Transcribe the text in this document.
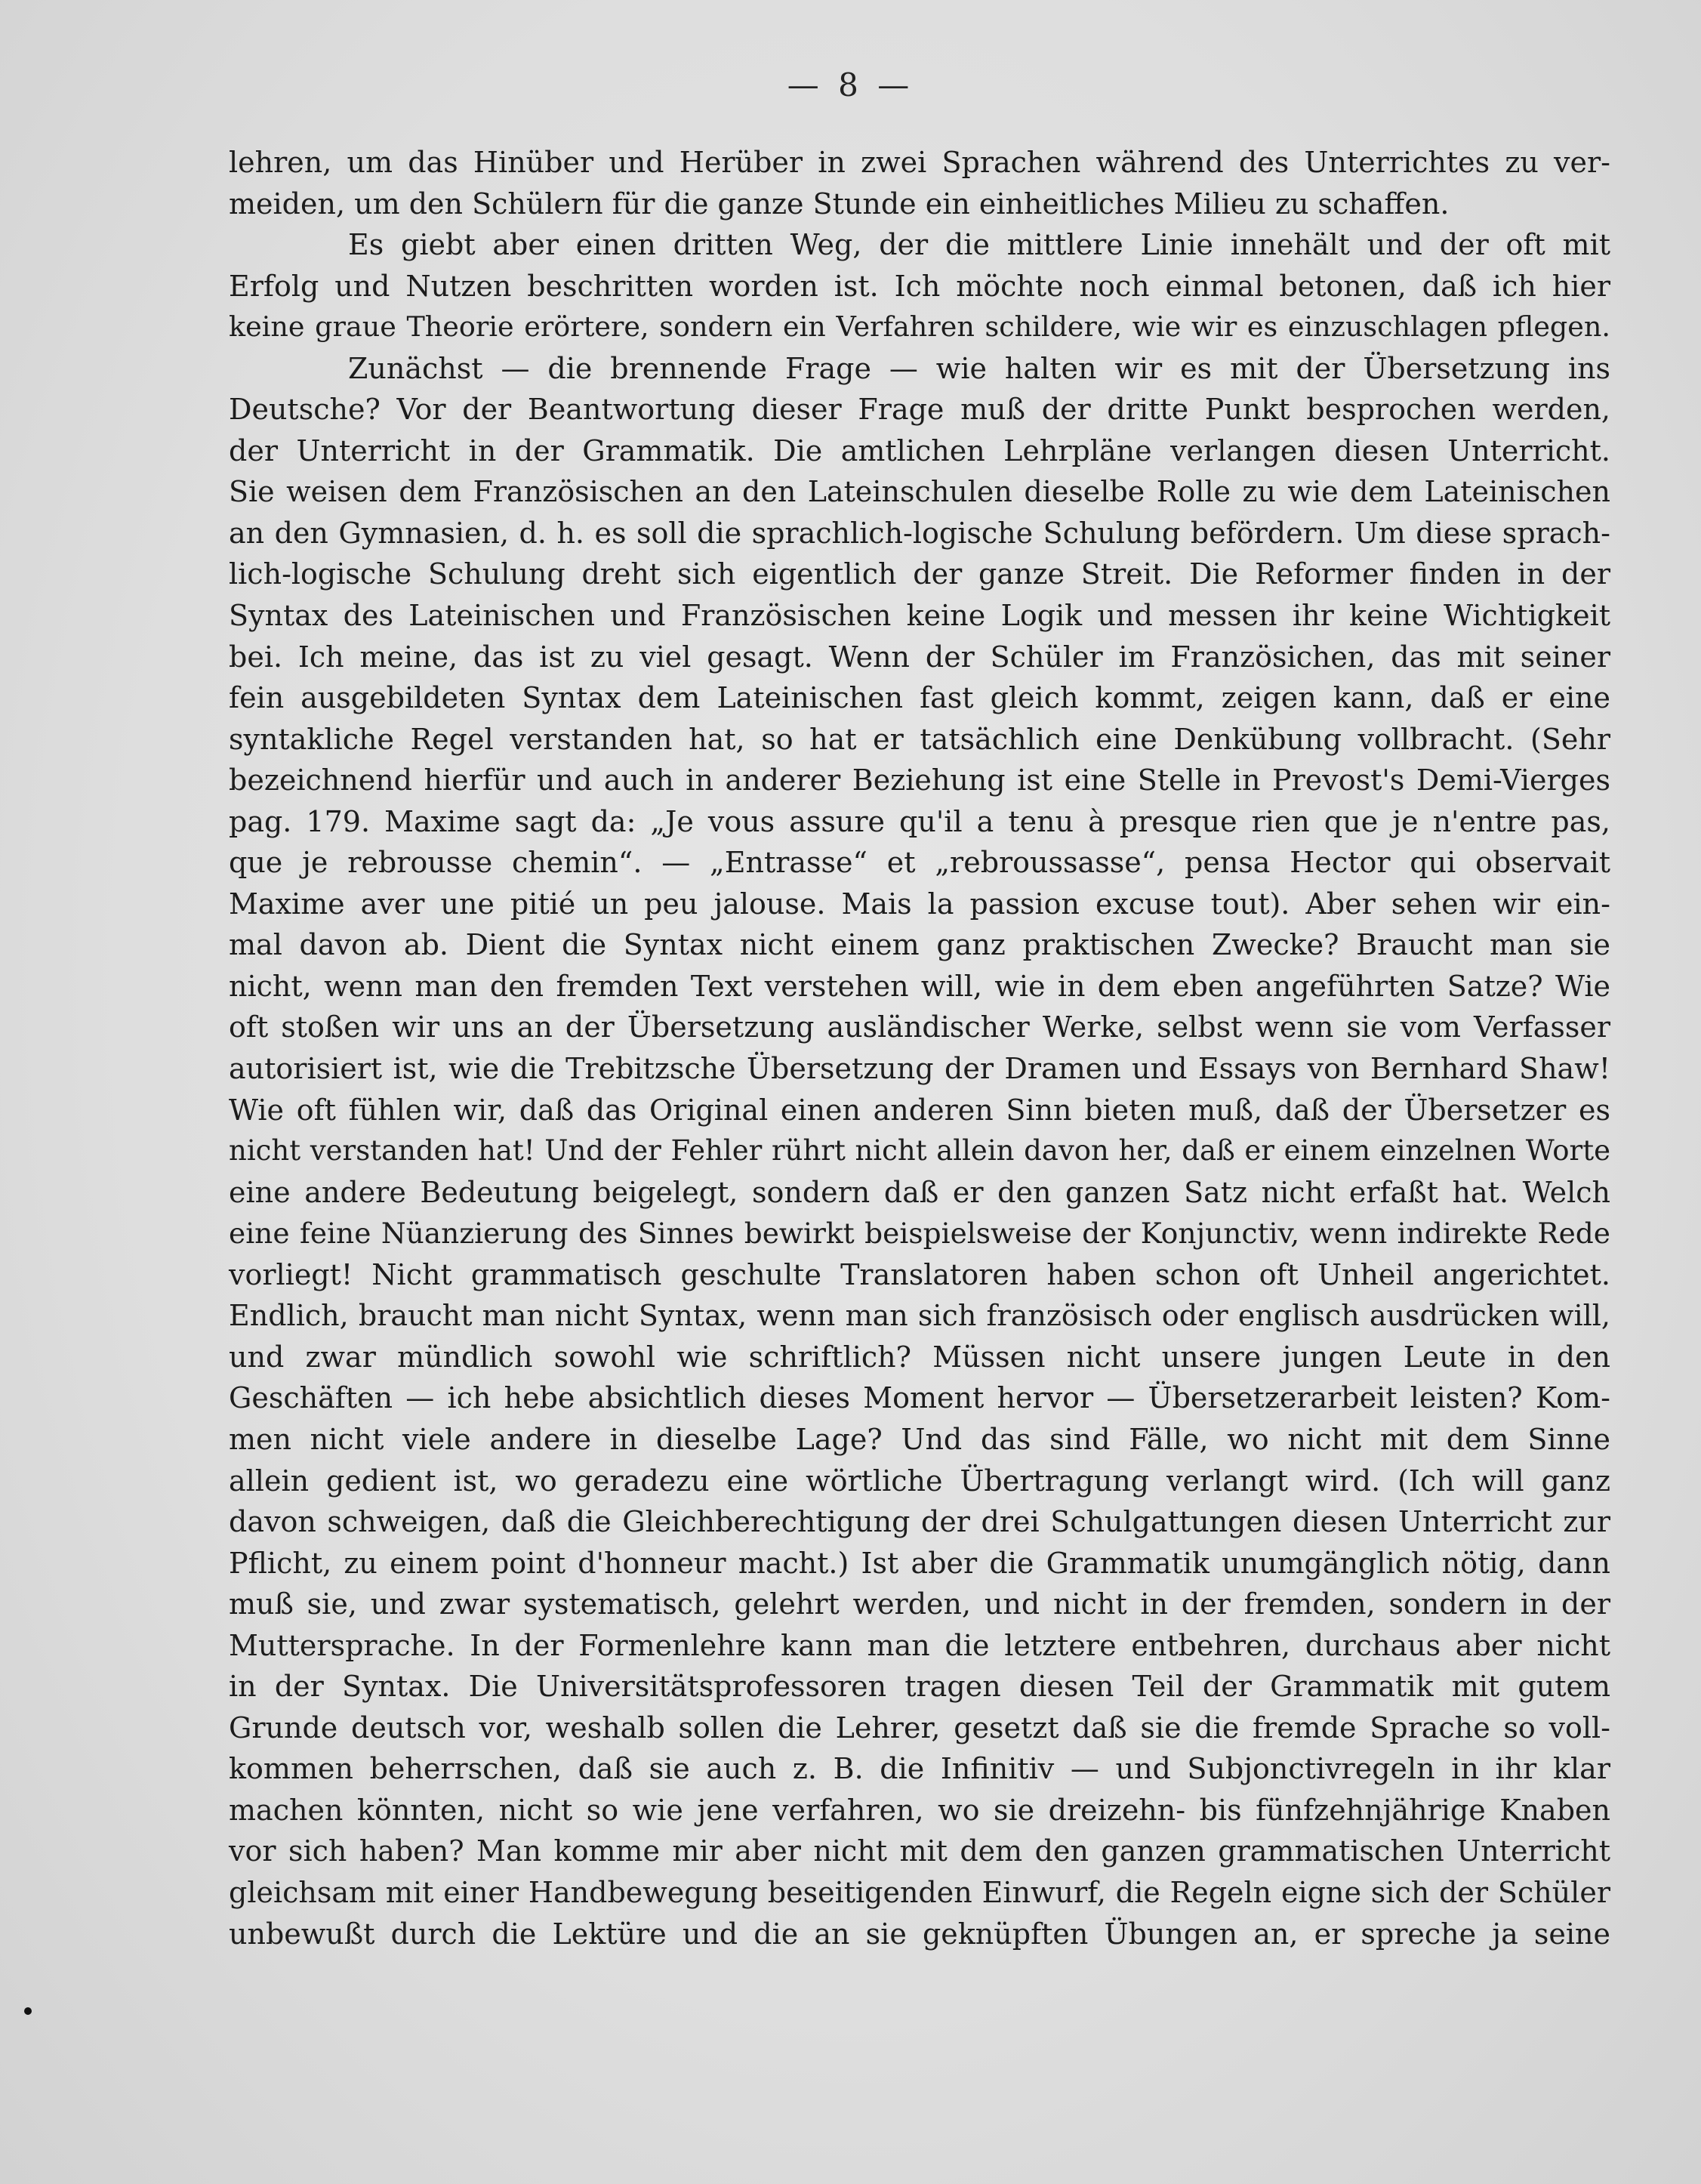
— 8 —
lehren, um das Hinüber und Herüber in zwei Sprachen während des Unterrichtes zu ver-
meiden, um den Schülern für die ganze Stunde ein einheitliches Milieu zu schaffen.
Es giebt aber einen dritten Weg, der die mittlere Linie innehält und der oft mit
Erfolg und Nutzen beschritten worden ist. Ich möchte noch einmal betonen, daß ich hier
keine graue Theorie erörtere, sondern ein Verfahren schildere, wie wir es einzuschlagen pflegen.
Zunächst — die brennende Frage — wie halten wir es mit der Übersetzung ins
Deutsche? Vor der Beantwortung dieser Frage muß der dritte Punkt besprochen werden,
der Unterricht in der Grammatik. Die amtlichen Lehrpläne verlangen diesen Unterricht.
Sie weisen dem Französischen an den Lateinschulen dieselbe Rolle zu wie dem Lateinischen
an den Gymnasien, d. h. es soll die sprachlich-logische Schulung befördern. Um diese sprach-
lich-logische Schulung dreht sich eigentlich der ganze Streit. Die Reformer finden in der
Syntax des Lateinischen und Französischen keine Logik und messen ihr keine Wichtigkeit
bei. Ich meine, das ist zu viel gesagt. Wenn der Schüler im Französichen, das mit seiner
fein ausgebildeten Syntax dem Lateinischen fast gleich kommt, zeigen kann, daß er eine
syntakliche Regel verstanden hat, so hat er tatsächlich eine Denkübung vollbracht. (Sehr
bezeichnend hierfür und auch in anderer Beziehung ist eine Stelle in Prevost's Demi-Vierges
pag. 179. Maxime sagt da: „Je vous assure qu'il a tenu à presque rien que je n'entre pas,
que je rebrousse chemin“. — „Entrasse“ et „rebroussasse“, pensa Hector qui observait
Maxime aver une pitié un peu jalouse. Mais la passion excuse tout). Aber sehen wir ein-
mal davon ab. Dient die Syntax nicht einem ganz praktischen Zwecke? Braucht man sie
nicht, wenn man den fremden Text verstehen will, wie in dem eben angeführten Satze? Wie
oft stoßen wir uns an der Übersetzung ausländischer Werke, selbst wenn sie vom Verfasser
autorisiert ist, wie die Trebitzsche Übersetzung der Dramen und Essays von Bernhard Shaw!
Wie oft fühlen wir, daß das Original einen anderen Sinn bieten muß, daß der Übersetzer es
nicht verstanden hat! Und der Fehler rührt nicht allein davon her, daß er einem einzelnen Worte
eine andere Bedeutung beigelegt, sondern daß er den ganzen Satz nicht erfaßt hat. Welch
eine feine Nüanzierung des Sinnes bewirkt beispielsweise der Konjunctiv, wenn indirekte Rede
vorliegt! Nicht grammatisch geschulte Translatoren haben schon oft Unheil angerichtet.
Endlich, braucht man nicht Syntax, wenn man sich französisch oder englisch ausdrücken will,
und zwar mündlich sowohl wie schriftlich? Müssen nicht unsere jungen Leute in den
Geschäften — ich hebe absichtlich dieses Moment hervor — Übersetzerarbeit leisten? Kom-
men nicht viele andere in dieselbe Lage? Und das sind Fälle, wo nicht mit dem Sinne
allein gedient ist, wo geradezu eine wörtliche Übertragung verlangt wird. (Ich will ganz
davon schweigen, daß die Gleichberechtigung der drei Schulgattungen diesen Unterricht zur
Pflicht, zu einem point d'honneur macht.) Ist aber die Grammatik unumgänglich nötig, dann
muß sie, und zwar systematisch, gelehrt werden, und nicht in der fremden, sondern in der
Muttersprache. In der Formenlehre kann man die letztere entbehren, durchaus aber nicht
in der Syntax. Die Universitätsprofessoren tragen diesen Teil der Grammatik mit gutem
Grunde deutsch vor, weshalb sollen die Lehrer, gesetzt daß sie die fremde Sprache so voll-
kommen beherrschen, daß sie auch z. B. die Infinitiv — und Subjonctivregeln in ihr klar
machen könnten, nicht so wie jene verfahren, wo sie dreizehn- bis fünfzehnjährige Knaben
vor sich haben? Man komme mir aber nicht mit dem den ganzen grammatischen Unterricht
gleichsam mit einer Handbewegung beseitigenden Einwurf, die Regeln eigne sich der Schüler
unbewußt durch die Lektüre und die an sie geknüpften Übungen an, er spreche ja seine
